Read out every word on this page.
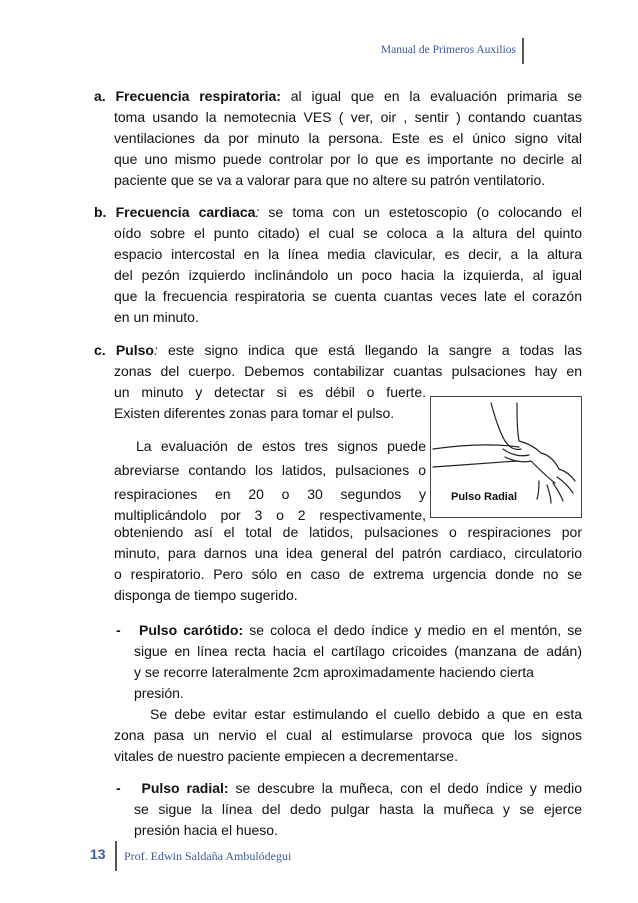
Manual de Primeros Auxilios

a. Frecuencia respiratoria: al igual que en la evaluación primaria se

toma usando la nemotecnia VES ( ver, oir , sentir ) contando cuantas

ventilaciones da por minuto la persona. Este es el único signo vital

que uno mismo puede controlar por lo que es importante no decirle al

paciente que se va a valorar para que no altere su patrón ventilatorio.

b. Frecuencia cardiaca: se toma con un estetoscopio (o colocando el

oído sobre el punto citado) el cual se coloca a la altura del quinto

espacio intercostal en la línea media clavicular, es decir, a la altura

del pezón izquierdo inclinándolo un poco hacia la izquierda, al igual

que la frecuencia respiratoria se cuenta cuantas veces late el corazón

en un minuto.

c. Pulso: este signo indica que está llegando la sangre a todas las

zonas del cuerpo. Debemos contabilizar cuantas pulsaciones hay en

un minuto y detectar si es débil o fuerte.

Existen diferentes zonas para tomar el pulso.

La evaluación de estos tres signos puede

abreviarse contando los latidos, pulsaciones o

respiraciones en 20 o 30 segundos y

multiplicándolo por 3 o 2 respectivamente,

obteniendo así el total de latidos, pulsaciones o respiraciones por

minuto, para darnos una idea general del patrón cardiaco, circulatorio

o respiratorio. Pero sólo en caso de extrema urgencia donde no se

disponga de tiempo sugerido.

Pulso Radial

- Pulso carótido: se coloca el dedo índice y medio en el mentón, se

sigue en línea recta hacia el cartílago cricoides (manzana de adán)

y se recorre lateralmente 2cm aproximadamente haciendo cierta

presión.

Se debe evitar estar estimulando el cuello debido a que en esta

zona pasa un nervio el cual al estimularse provoca que los signos

vitales de nuestro paciente empiecen a decrementarse.

- Pulso radial: se descubre la muñeca, con el dedo índice y medio

se sigue la línea del dedo pulgar hasta la muñeca y se ejerce

presión hacia el hueso.

13 Prof. Edwin Saldaña Ambulódegui
